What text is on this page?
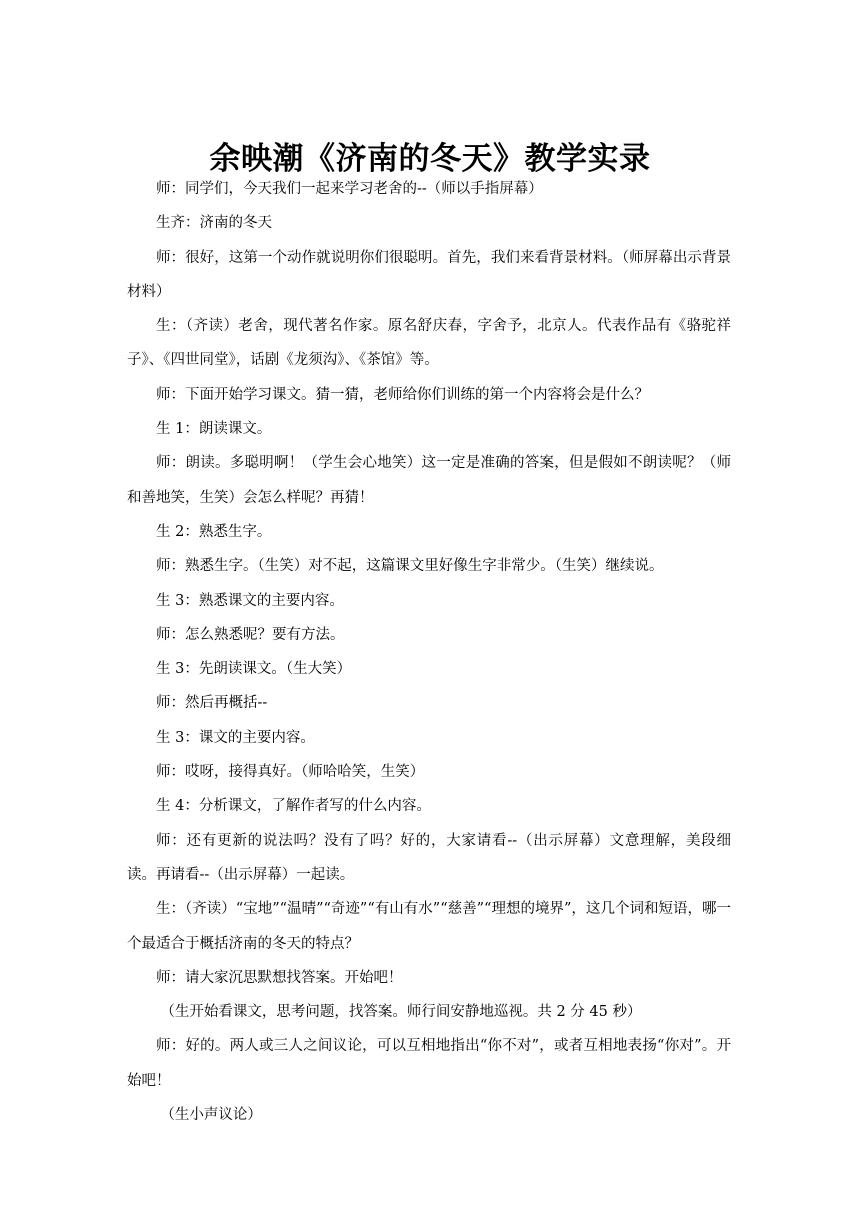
余映潮《济南的冬天》教学实录

师：同学们，今天我们一起来学习老舍的--（师以手指屏幕）

生齐：济南的冬天

师：很好，这第一个动作就说明你们很聪明。首先，我们来看背景材料。（师屏幕出示背景材料）

生：（齐读）老舍，现代著名作家。原名舒庆春，字舍予，北京人。代表作品有《骆驼祥子》、《四世同堂》，话剧《龙须沟》、《茶馆》等。

师：下面开始学习课文。猜一猜，老师给你们训练的第一个内容将会是什么？

生 1：朗读课文。

师：朗读。多聪明啊！（学生会心地笑）这一定是准确的答案，但是假如不朗读呢？（师和善地笑，生笑）会怎么样呢？再猜！

生 2：熟悉生字。

师：熟悉生字。（生笑）对不起，这篇课文里好像生字非常少。（生笑）继续说。

生 3：熟悉课文的主要内容。

师：怎么熟悉呢？要有方法。

生 3：先朗读课文。（生大笑）

师：然后再概括--

生 3：课文的主要内容。

师：哎呀，接得真好。（师哈哈笑，生笑）

生 4：分析课文，了解作者写的什么内容。

师：还有更新的说法吗？没有了吗？好的，大家请看--（出示屏幕）文意理解，美段细读。再请看--（出示屏幕）一起读。

生：（齐读）“宝地”“温晴”“奇迹”“有山有水”“慈善”“理想的境界”，这几个词和短语，哪一个最适合于概括济南的冬天的特点？

师：请大家沉思默想找答案。开始吧！

（生开始看课文，思考问题，找答案。师行间安静地巡视。共 2 分 45 秒）

师：好的。两人或三人之间议论，可以互相地指出“你不对”，或者互相地表扬“你对”。开始吧！

（生小声议论）
